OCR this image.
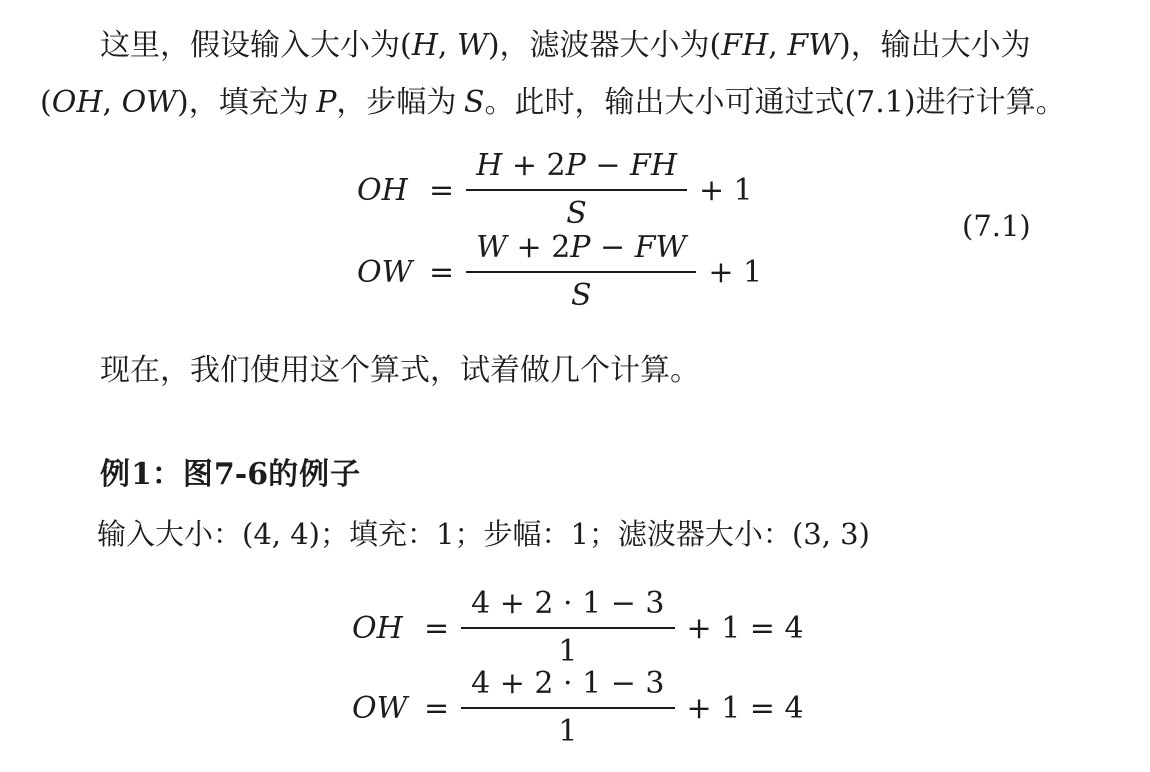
这里，假设输入大小为(H, W)，滤波器大小为(FH, FW)，输出大小为
(OH, OW)，填充为 P，步幅为 S。此时，输出大小可通过式(7.1)进行计算。
OH = $\frac{H + 2P - FH}{S} + 1$
OW = $\frac{W + 2P - FW}{S} + 1$
(7.1)
现在，我们使用这个算式，试着做几个计算。
例1：图7-6的例子
输入大小：(4, 4)；填充：1；步幅：1；滤波器大小：(3, 3)
OH = $\frac{4 + 2 \cdot 1 - 3}{1} + 1 = 4$
OW = $\frac{4 + 2 \cdot 1 - 3}{1} + 1 = 4$
